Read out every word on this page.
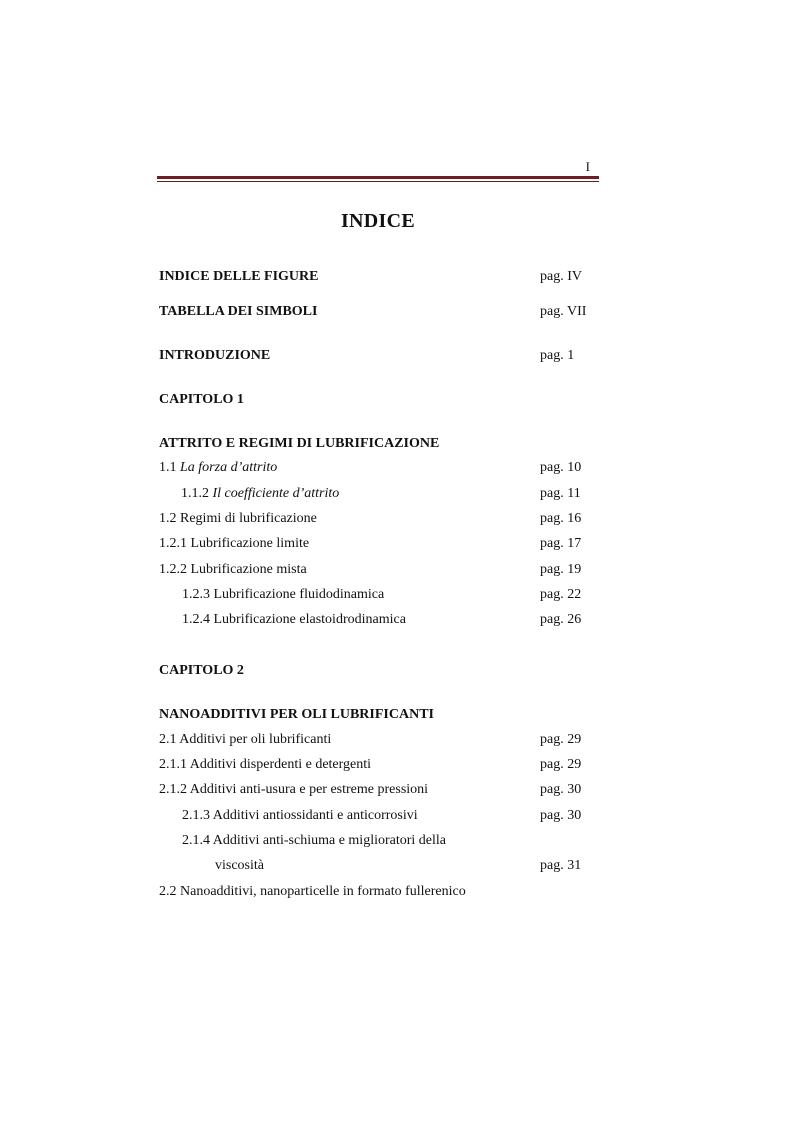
I
INDICE
INDICE DELLE FIGURE	pag. IV
TABELLA DEI SIMBOLI	pag. VII
INTRODUZIONE	pag. 1
CAPITOLO 1
ATTRITO E REGIMI DI LUBRIFICAZIONE
1.1 La forza d’attrito	pag. 10
1.1.2 Il coefficiente d’attrito	pag. 11
1.2 Regimi di lubrificazione	pag. 16
1.2.1 Lubrificazione limite	pag. 17
1.2.2 Lubrificazione mista	pag. 19
1.2.3 Lubrificazione fluidodinamica	pag. 22
1.2.4 Lubrificazione elastoidrodinamica	pag. 26
CAPITOLO 2
NANOADDITIVI PER OLI LUBRIFICANTI
2.1 Additivi per oli lubrificanti	pag. 29
2.1.1 Additivi disperdenti e detergenti	pag. 29
2.1.2 Additivi anti-usura e per estreme pressioni	pag. 30
2.1.3 Additivi antiossidanti e anticorrosivi	pag. 30
2.1.4 Additivi anti-schiuma e miglioratori della
viscosità	pag. 31
2.2 Nanoadditivi, nanoparticelle in formato fullerenico
